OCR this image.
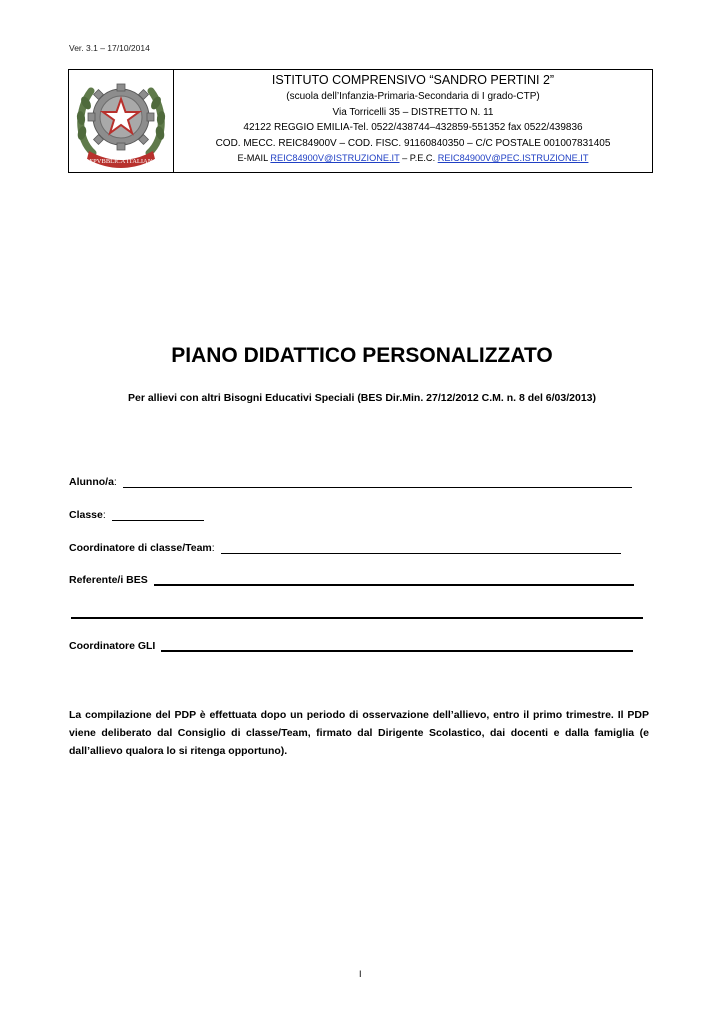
Ver. 3.1 – 17/10/2014
REPVBBLICA ITALIANA
ISTITUTO COMPRENSIVO “SANDRO PERTINI 2”
(scuola dell’Infanzia-Primaria-Secondaria di I grado-CTP)
Via Torricelli 35 – DISTRETTO N. 11
42122 REGGIO EMILIA-Tel. 0522/438744–432859-551352 fax 0522/439836
COD. MECC. REIC84900V – COD. FISC. 91160840350 – C/C POSTALE 001007831405
E-MAIL REIC84900V@ISTRUZIONE.IT – P.E.C. REIC84900V@PEC.ISTRUZIONE.IT
PIANO DIDATTICO PERSONALIZZATO
Per allievi con altri Bisogni Educativi Speciali (BES Dir.Min. 27/12/2012 C.M. n. 8 del 6/03/2013)
Alunno/a :
Classe :
Coordinatore di classe/Team :
Referente/i BES
Coordinatore GLI
La compilazione del PDP è effettuata dopo un periodo di osservazione dell’allievo, entro il primo trimestre. Il PDP viene deliberato dal Consiglio di classe/Team, firmato dal Dirigente Scolastico, dai docenti e dalla famiglia (e dall’allievo qualora lo si ritenga opportuno).
I
